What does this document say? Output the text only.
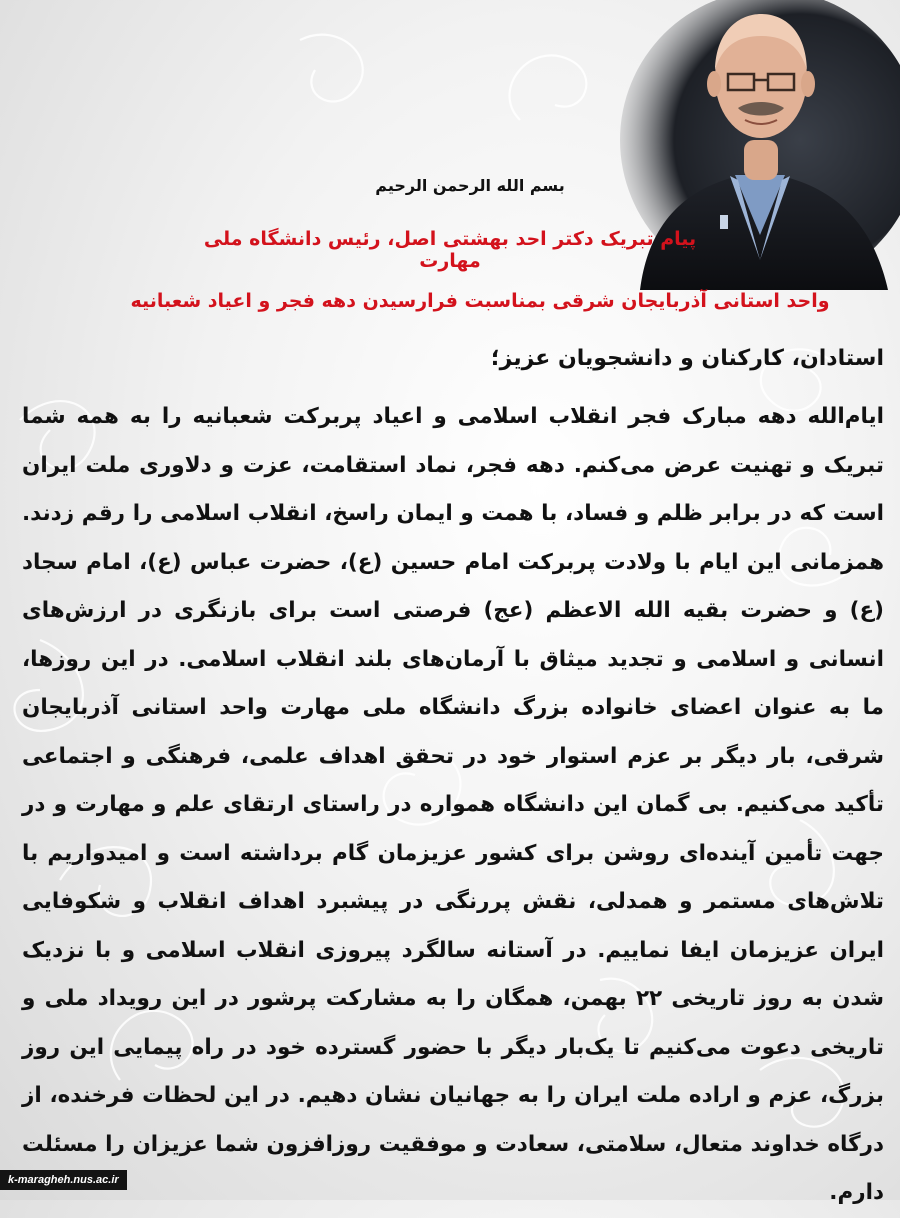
بسم الله الرحمن الرحیم
پیام تبریک دکتر احد بهشتی اصل، رئیس دانشگاه ملی مهارت
واحد استانی آذربایجان شرقی بمناسبت فرارسیدن دهه فجر و اعیاد شعبانیه
استادان، کارکنان و دانشجویان عزیز؛
ایام‌الله دهه مبارک فجر انقلاب اسلامی و اعیاد پربرکت شعبانیه را به همه شما تبریک و تهنیت عرض می‌کنم. دهه فجر، نماد استقامت، عزت و دلاوری ملت ایران است که در برابر ظلم و فساد، با همت و ایمان راسخ، انقلاب اسلامی را رقم زدند. همزمانی این ایام با ولادت پربرکت امام حسین (ع)، حضرت عباس (ع)، امام سجاد (ع) و حضرت بقیه الله الاعظم (عج) فرصتی است برای بازنگری در ارزش‌های انسانی و اسلامی و تجدید میثاق با آرمان‌های بلند انقلاب اسلامی. در این روزها، ما به عنوان اعضای خانواده بزرگ دانشگاه ملی مهارت واحد استانی آذربایجان شرقی، بار دیگر بر عزم استوار خود در تحقق اهداف علمی، فرهنگی و اجتماعی تأکید می‌کنیم. بی گمان این دانشگاه همواره در راستای ارتقای علم و مهارت و در جهت تأمین آینده‌ای روشن برای کشور عزیزمان گام برداشته است و امیدواریم با تلاش‌های مستمر و همدلی، نقش پررنگی در پیشبرد اهداف انقلاب و شکوفایی ایران عزیزمان ایفا نماییم. در آستانه سالگرد پیروزی انقلاب اسلامی و با نزدیک شدن به روز تاریخی ۲۲ بهمن، همگان را به مشارکت پرشور در این رویداد ملی و تاریخی دعوت می‌کنیم تا یک‌بار دیگر با حضور گسترده خود در راه پیمایی این روز بزرگ، عزم و اراده ملت ایران را به جهانیان نشان دهیم. در این لحظات فرخنده، از درگاه خداوند متعال، سلامتی، سعادت و موفقیت روزافزون شما عزیزان را مسئلت دارم.
k-maragheh.nus.ac.ir
